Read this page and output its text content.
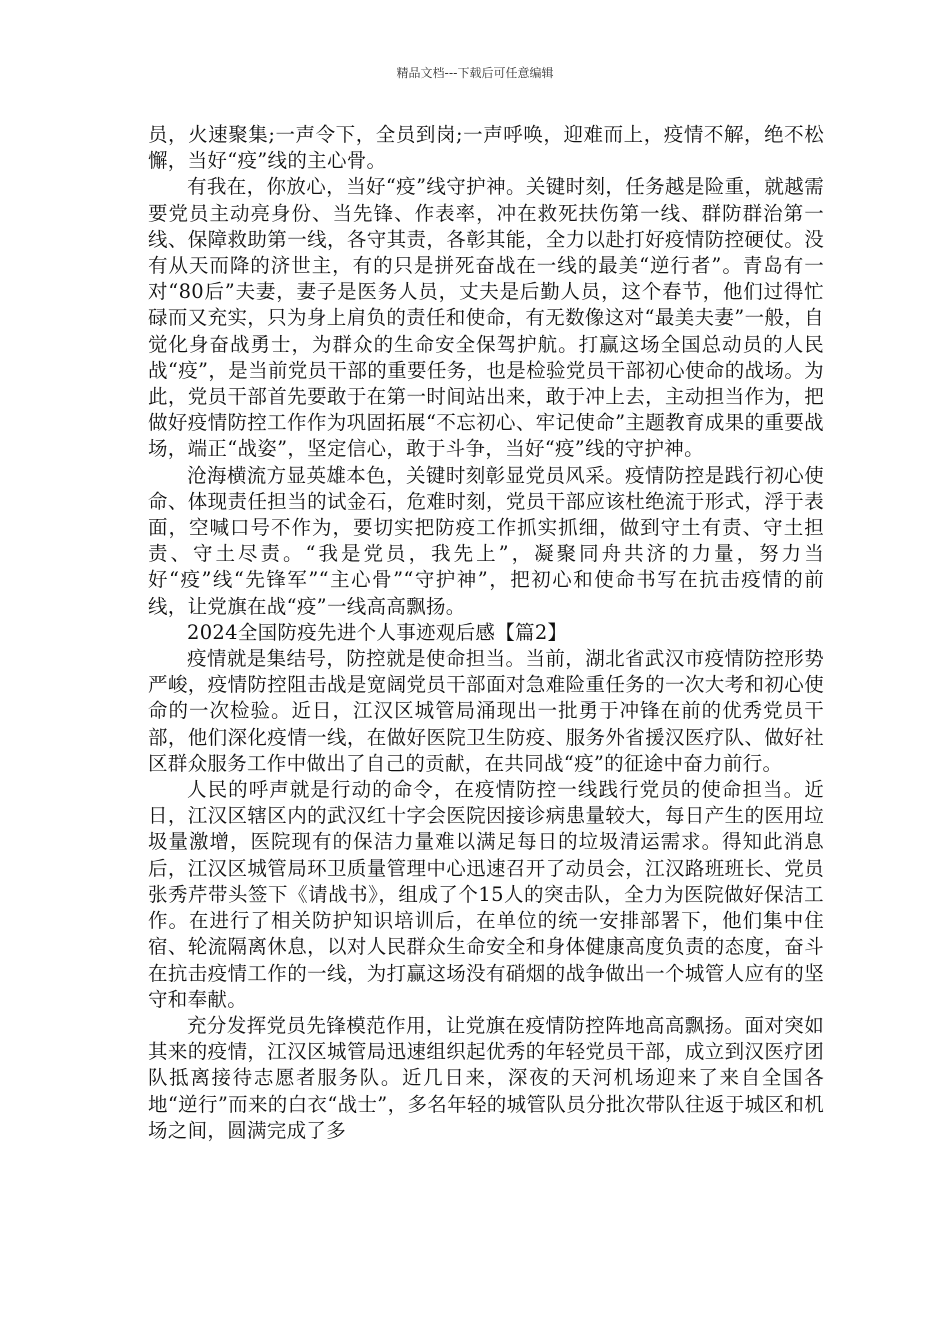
精品文档---下载后可任意编辑

员，火速聚集;一声令下，全员到岗;一声呼唤，迎难而上，疫情不解，绝不松懈，当好“疫”线的主心骨。

有我在，你放心，当好“疫”线守护神。关键时刻，任务越是险重，就越需要党员主动亮身份、当先锋、作表率，冲在救死扶伤第一线、群防群治第一线、保障救助第一线，各守其责，各彰其能，全力以赴打好疫情防控硬仗。没有从天而降的济世主，有的只是拼死奋战在一线的最美“逆行者”。青岛有一对“80后”夫妻，妻子是医务人员，丈夫是后勤人员，这个春节，他们过得忙碌而又充实，只为身上肩负的责任和使命，有无数像这对“最美夫妻”一般，自觉化身奋战勇士，为群众的生命安全保驾护航。打赢这场全国总动员的人民战“疫”，是当前党员干部的重要任务，也是检验党员干部初心使命的战场。为此，党员干部首先要敢于在第一时间站出来，敢于冲上去，主动担当作为，把做好疫情防控工作作为巩固拓展“不忘初心、牢记使命”主题教育成果的重要战场，端正“战姿”，坚定信心，敢于斗争，当好“疫”线的守护神。

沧海横流方显英雄本色，关键时刻彰显党员风采。疫情防控是践行初心使命、体现责任担当的试金石，危难时刻，党员干部应该杜绝流于形式，浮于表面，空喊口号不作为，要切实把防疫工作抓实抓细，做到守土有责、守土担责、守土尽责。“我是党员，我先上”，凝聚同舟共济的力量，努力当好“疫”线“先锋军”“主心骨”“守护神”，把初心和使命书写在抗击疫情的前线，让党旗在战“疫”一线高高飘扬。

2024全国防疫先进个人事迹观后感【篇2】

疫情就是集结号，防控就是使命担当。当前，湖北省武汉市疫情防控形势严峻，疫情防控阻击战是宽阔党员干部面对急难险重任务的一次大考和初心使命的一次检验。近日，江汉区城管局涌现出一批勇于冲锋在前的优秀党员干部，他们深化疫情一线，在做好医院卫生防疫、服务外省援汉医疗队、做好社区群众服务工作中做出了自己的贡献，在共同战“疫”的征途中奋力前行。

人民的呼声就是行动的命令，在疫情防控一线践行党员的使命担当。近日，江汉区辖区内的武汉红十字会医院因接诊病患量较大，每日产生的医用垃圾量激增，医院现有的保洁力量难以满足每日的垃圾清运需求。得知此消息后，江汉区城管局环卫质量管理中心迅速召开了动员会，江汉路班班长、党员张秀芹带头签下《请战书》，组成了个15人的突击队，全力为医院做好保洁工作。在进行了相关防护知识培训后，在单位的统一安排部署下，他们集中住宿、轮流隔离休息，以对人民群众生命安全和身体健康高度负责的态度，奋斗在抗击疫情工作的一线，为打赢这场没有硝烟的战争做出一个城管人应有的坚守和奉献。

充分发挥党员先锋模范作用，让党旗在疫情防控阵地高高飘扬。面对突如其来的疫情，江汉区城管局迅速组织起优秀的年轻党员干部，成立到汉医疗团队抵离接待志愿者服务队。近几日来，深夜的天河机场迎来了来自全国各地“逆行”而来的白衣“战士”，多名年轻的城管队员分批次带队往返于城区和机场之间，圆满完成了多
